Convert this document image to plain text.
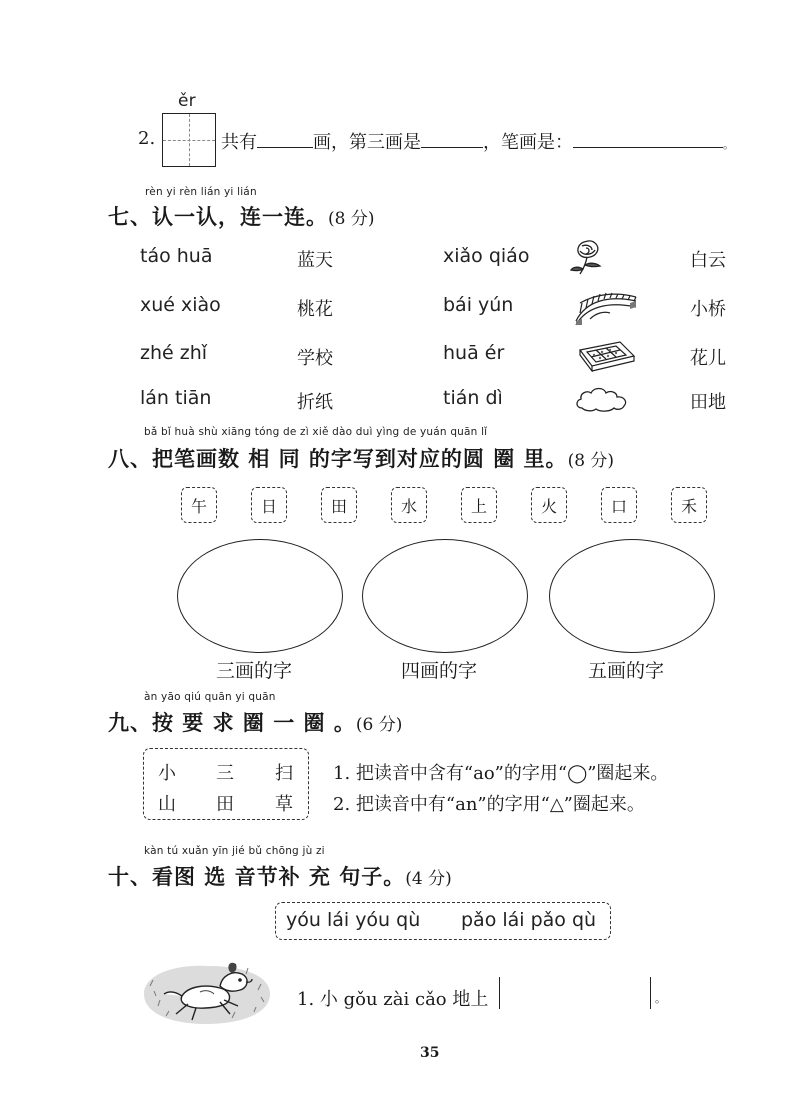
ěr
2.	共有	画，第三画是	，笔画是：	。
rèn yi rèn lián yi lián
七、认一认，连一连。(8 分)
táo huā	蓝天	xiǎo qiáo	白云
xué xiào	桃花	bái yún	小桥
zhé zhǐ	学校	huā ér	花儿
lán tiān	折纸	tián dì	田地
bǎ bǐ huà shù xiāng tóng de zì xiě dào duì yìng de yuán quān lǐ
八、把笔画数 相 同 的字写到对应的圆 圈 里。(8 分)
午	日	田	水	上	火	口	禾
三画的字	四画的字	五画的字
àn yāo qiú quān yi quān
九、按 要 求 圈 一 圈 。(6 分)
小 三 扫
山 田 草
1. 把读音中含有“ao”的字用“◯”圈起来。
2. 把读音中有“an”的字用“△”圈起来。
kàn tú xuǎn yīn jié bǔ chōng jù zi
十、看图 选 音节补 充 句子。(4 分)
yóu lái yóu qù pǎo lái pǎo qù
1. 小 gǒu zài cǎo 地上	。
35
